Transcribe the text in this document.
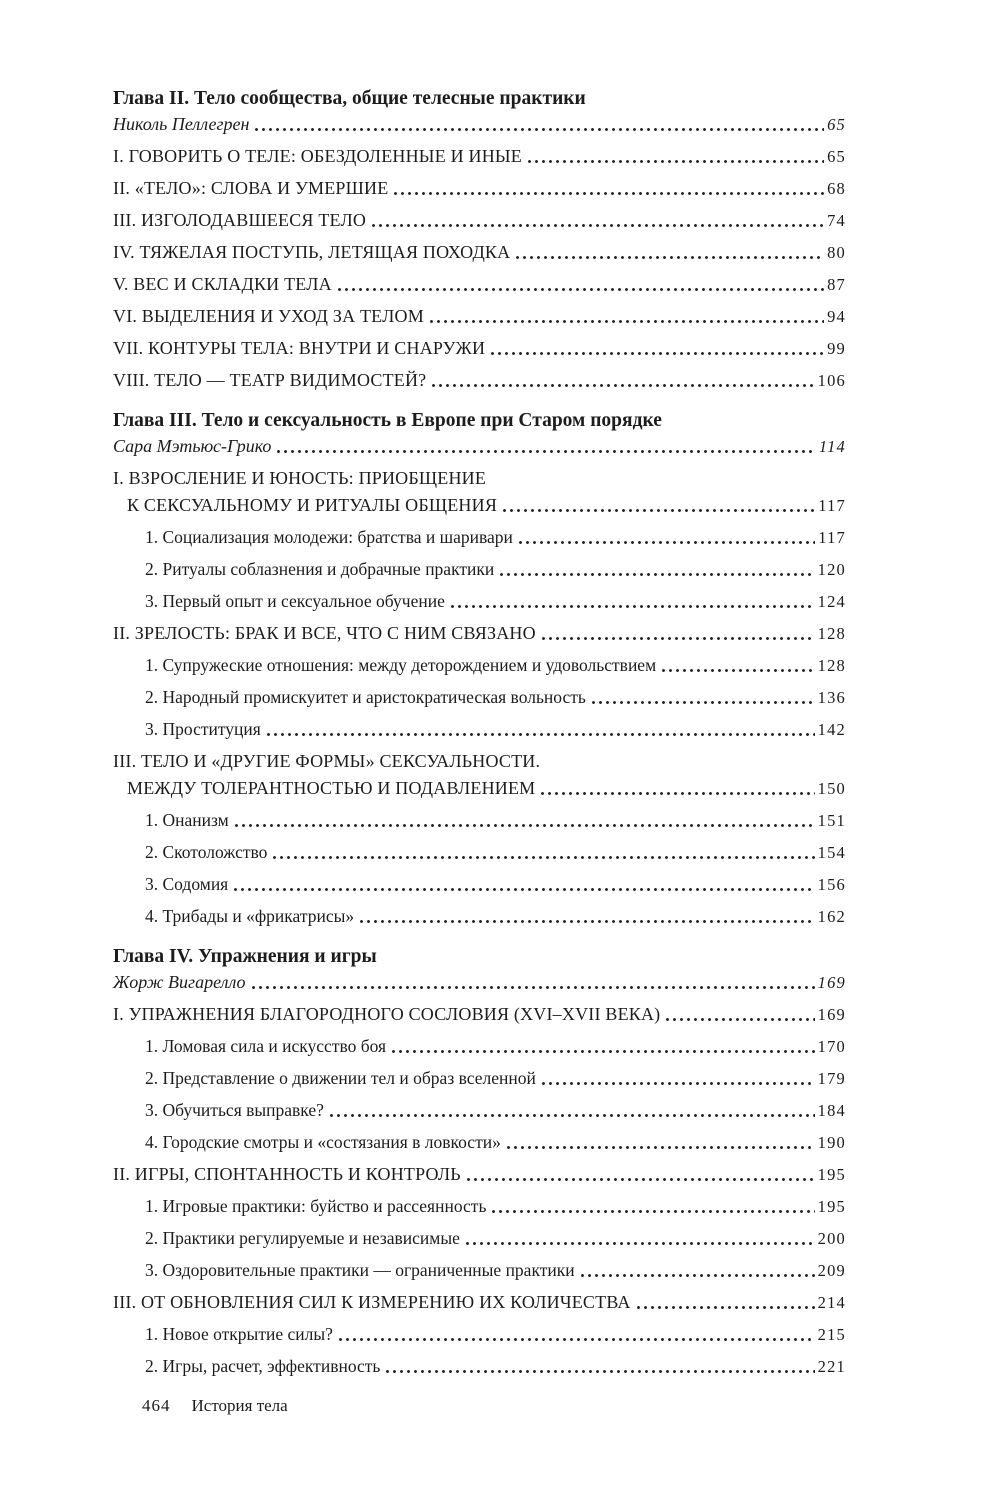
Глава II. Тело сообщества, общие телесные практики
Николь Пеллегрен	65
I. ГОВОРИТЬ О ТЕЛЕ: ОБЕЗДОЛЕННЫЕ И ИНЫЕ	65
II. «ТЕЛО»: СЛОВА И УМЕРШИЕ	68
III. ИЗГОЛОДАВШЕЕСЯ ТЕЛО	74
IV. ТЯЖЕЛАЯ ПОСТУПЬ, ЛЕТЯЩАЯ ПОХОДКА	80
V. ВЕС И СКЛАДКИ ТЕЛА	87
VI. ВЫДЕЛЕНИЯ И УХОД ЗА ТЕЛОМ	94
VII. КОНТУРЫ ТЕЛА: ВНУТРИ И СНАРУЖИ	99
VIII. ТЕЛО — ТЕАТР ВИДИМОСТЕЙ?	106
Глава III. Тело и сексуальность в Европе при Старом порядке
Сара Мэтьюс-Грико	114
I. ВЗРОСЛЕНИЕ И ЮНОСТЬ: ПРИОБЩЕНИЕ
К СЕКСУАЛЬНОМУ И РИТУАЛЫ ОБЩЕНИЯ	117
1. Социализация молодежи: братства и шаривари	117
2. Ритуалы соблазнения и добрачные практики	120
3. Первый опыт и сексуальное обучение	124
II. ЗРЕЛОСТЬ: БРАК И ВСЕ, ЧТО С НИМ СВЯЗАНО	128
1. Супружеские отношения: между деторождением и удовольствием	128
2. Народный промискуитет и аристократическая вольность	136
3. Проституция	142
III. ТЕЛО И «ДРУГИЕ ФОРМЫ» СЕКСУАЛЬНОСТИ.
МЕЖДУ ТОЛЕРАНТНОСТЬЮ И ПОДАВЛЕНИЕМ	150
1. Онанизм	151
2. Скотоложство	154
3. Содомия	156
4. Трибады и «фрикатрисы»	162
Глава IV. Упражнения и игры
Жорж Вигарелло	169
I. УПРАЖНЕНИЯ БЛАГОРОДНОГО СОСЛОВИЯ (XVI–XVII ВЕКА)	169
1. Ломовая сила и искусство боя	170
2. Представление о движении тел и образ вселенной	179
3. Обучиться выправке?	184
4. Городские смотры и «состязания в ловкости»	190
II. ИГРЫ, СПОНТАННОСТЬ И КОНТРОЛЬ	195
1. Игровые практики: буйство и рассеянность	195
2. Практики регулируемые и независимые	200
3. Оздоровительные практики — ограниченные практики	209
III. ОТ ОБНОВЛЕНИЯ СИЛ К ИЗМЕРЕНИЮ ИХ КОЛИЧЕСТВА	214
1. Новое открытие силы?	215
2. Игры, расчет, эффективность	221
464 История тела
